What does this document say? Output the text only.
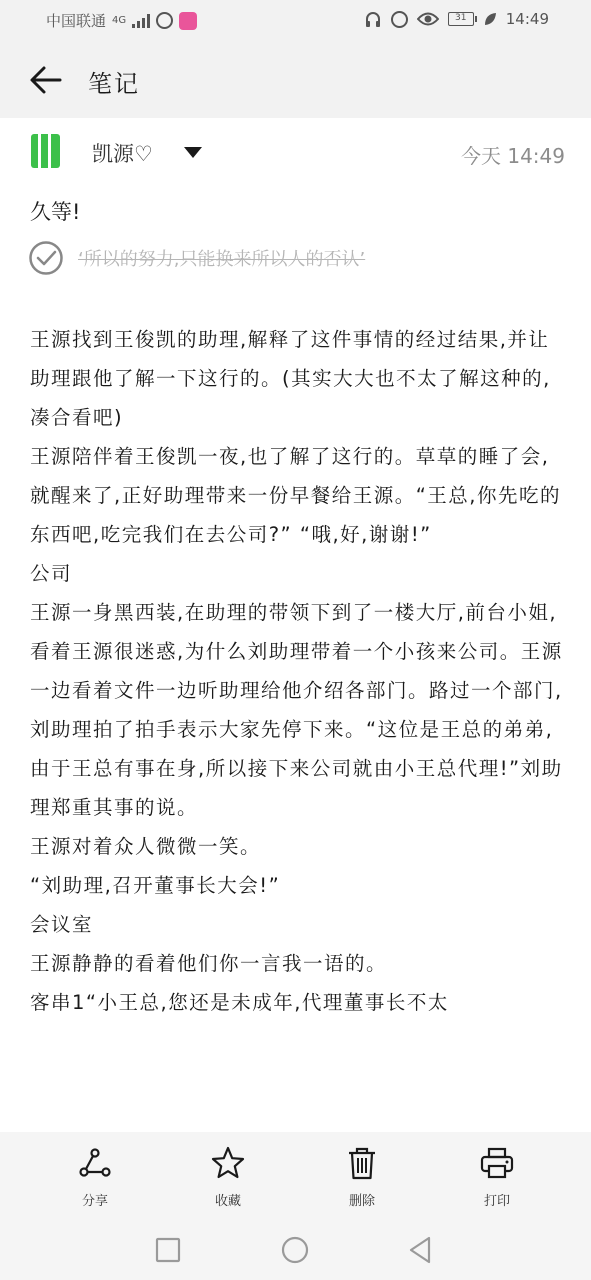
中国联通 4G	31	14:49
笔记
凯源♡	今天 14:49
久等!
‘所以的努力,只能换来所以人的否认’

王源找到王俊凯的助理,解释了这件事情的经过结果,并让助理跟他了解一下这行的。(其实大大也不太了解这种的,凑合看吧)

王源陪伴着王俊凯一夜,也了解了这行的。草草的睡了会,就醒来了,正好助理带来一份早餐给王源。“王总,你先吃的东西吧,吃完我们在去公司?” “哦,好,谢谢!”

公司

王源一身黑西装,在助理的带领下到了一楼大厅,前台小姐,看着王源很迷惑,为什么刘助理带着一个小孩来公司。王源一边看着文件一边听助理给他介绍各部门。路过一个部门,刘助理拍了拍手表示大家先停下来。“这位是王总的弟弟,由于王总有事在身,所以接下来公司就由小王总代理!”刘助理郑重其事的说。

王源对着众人微微一笑。

“刘助理,召开董事长大会!”

会议室

王源静静的看着他们你一言我一语的。

客串1“小王总,您还是未成年,代理董事长不太

分享	收藏	删除	打印
